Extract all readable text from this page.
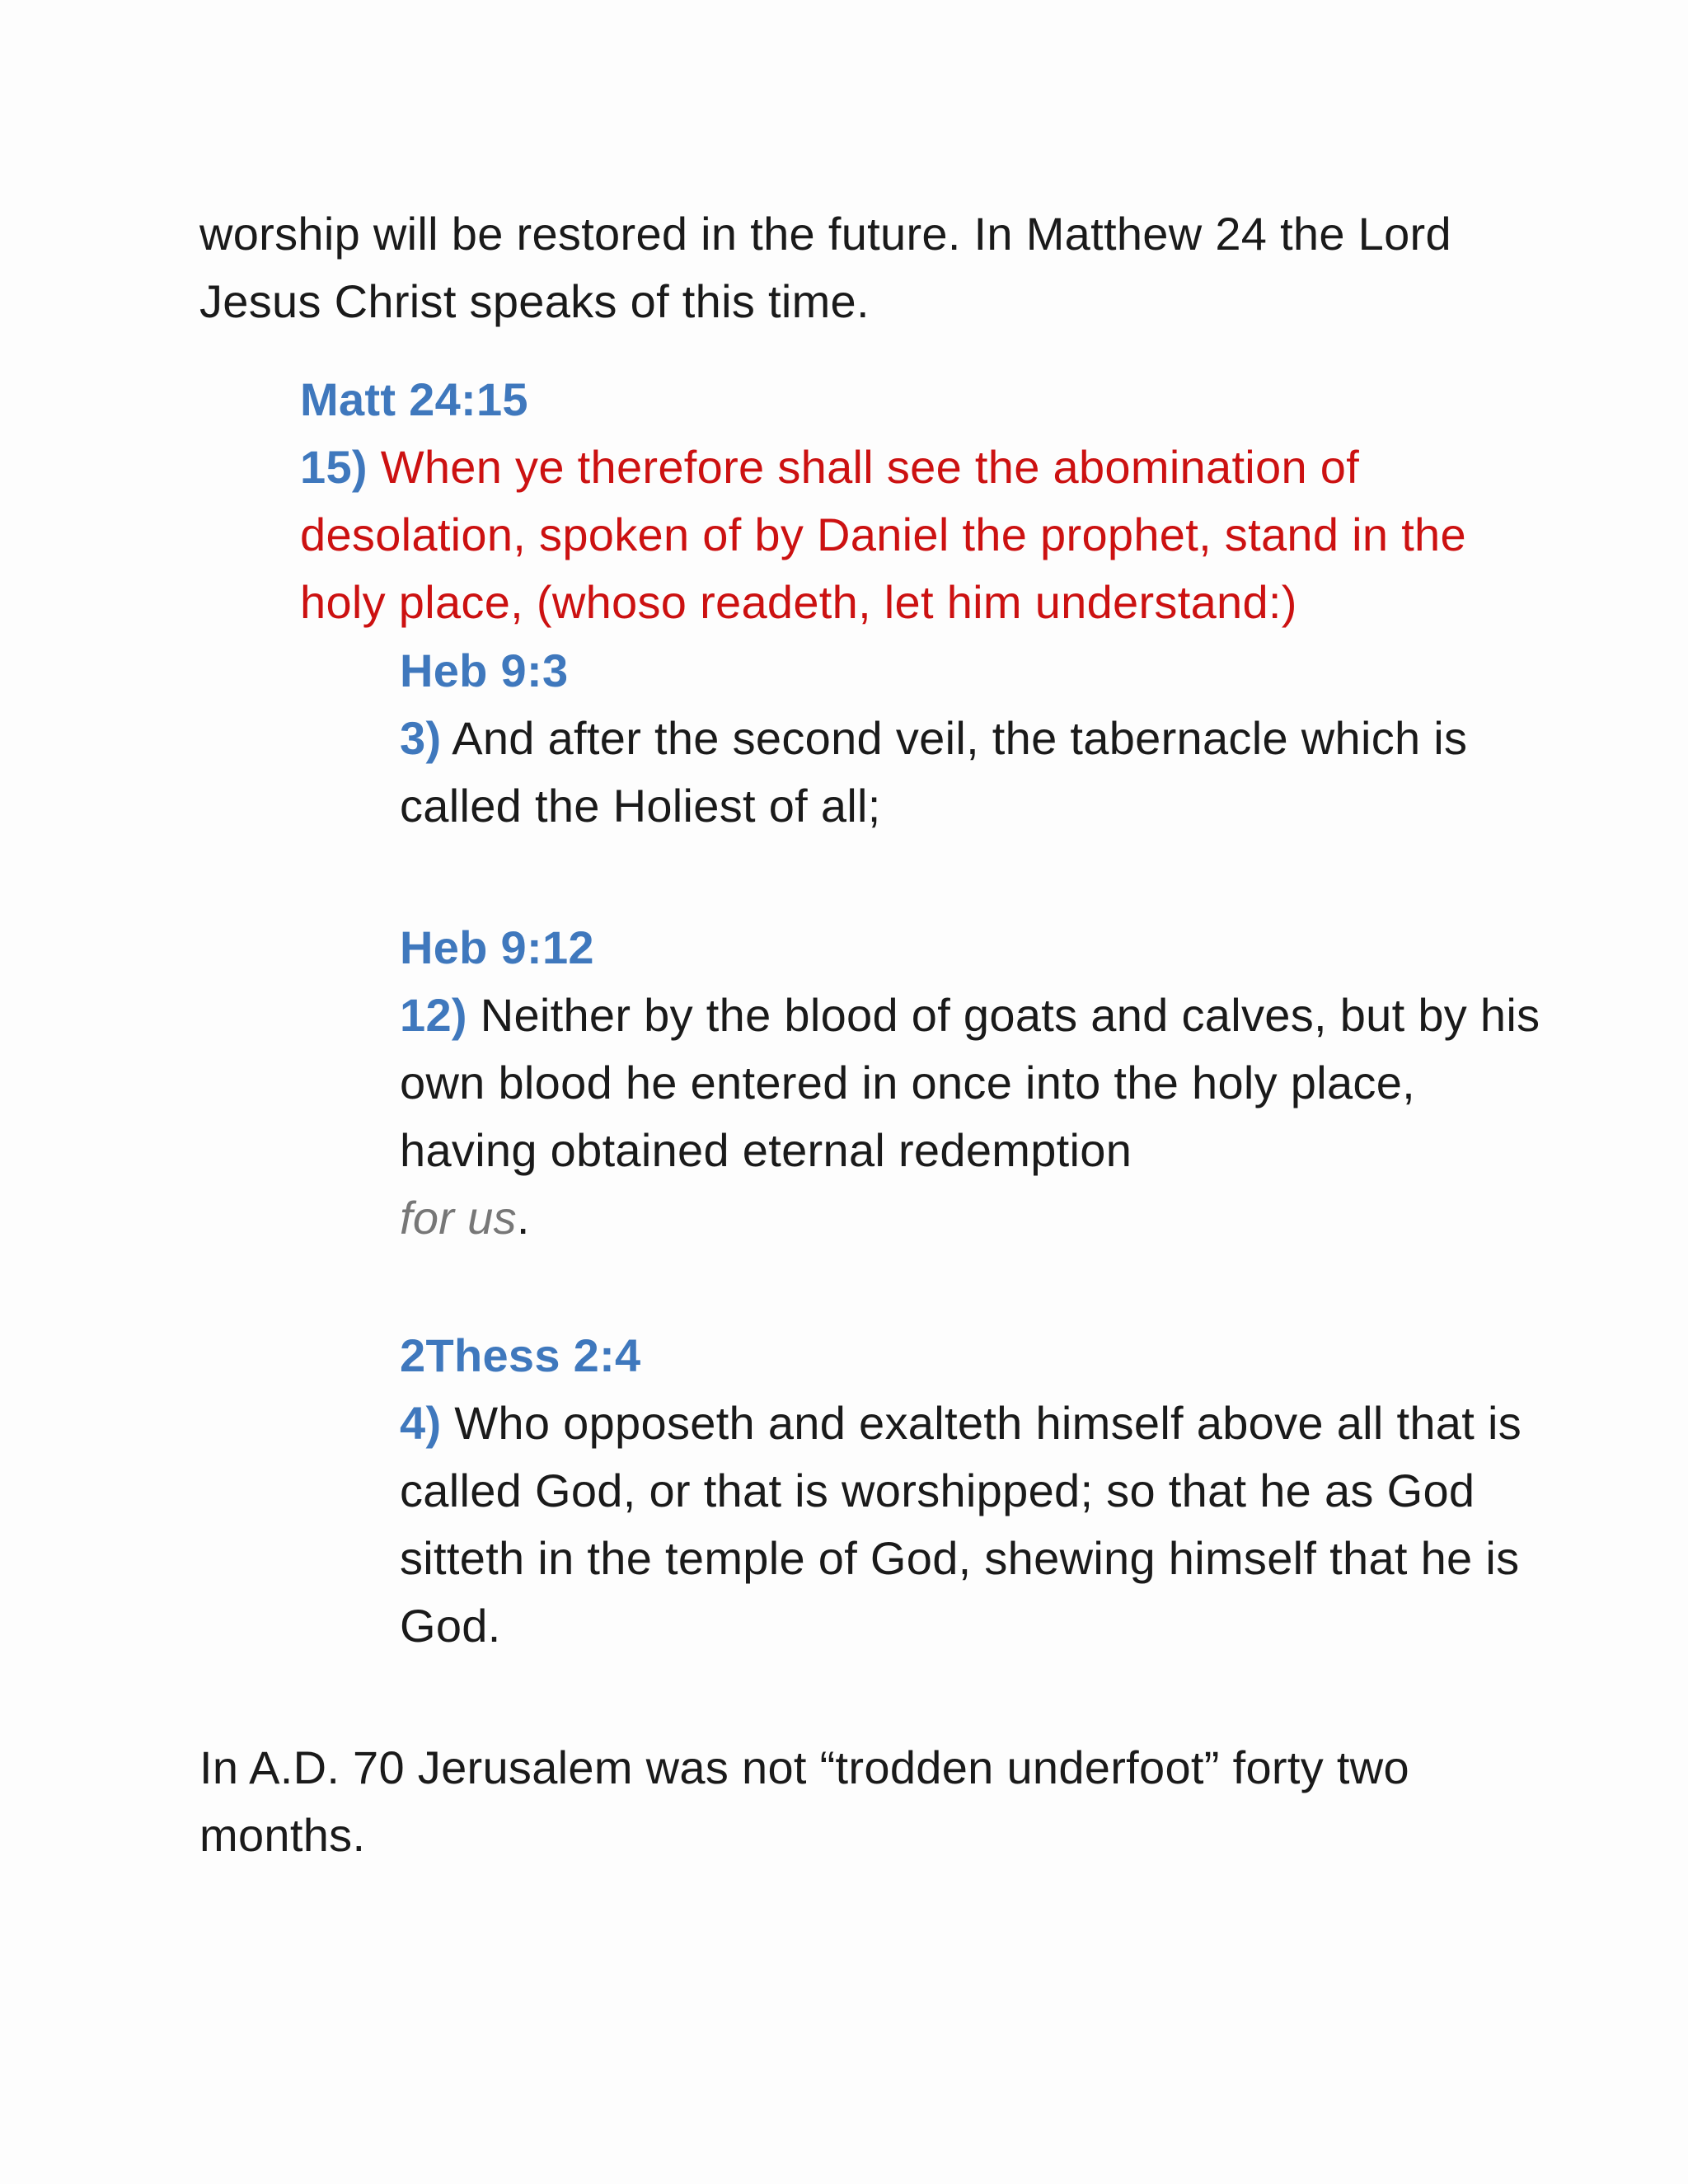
worship will be restored in the future. In Matthew 24 the Lord Jesus Christ speaks of this time.

Matt 24:15
15) When ye therefore shall see the abomination of desolation, spoken of by Daniel the prophet, stand in the holy place, (whoso readeth, let him understand:)
Heb 9:3
3) And after the second veil, the tabernacle which is called the Holiest of all;
Heb 9:12
12) Neither by the blood of goats and calves, but by his own blood he entered in once into the holy place, having obtained eternal redemption
for us.
2Thess 2:4
4) Who opposeth and exalteth himself above all that is called God, or that is worshipped; so that he as God sitteth in the temple of God, shewing himself that he is God.

In A.D. 70 Jerusalem was not “trodden underfoot” forty two months.
